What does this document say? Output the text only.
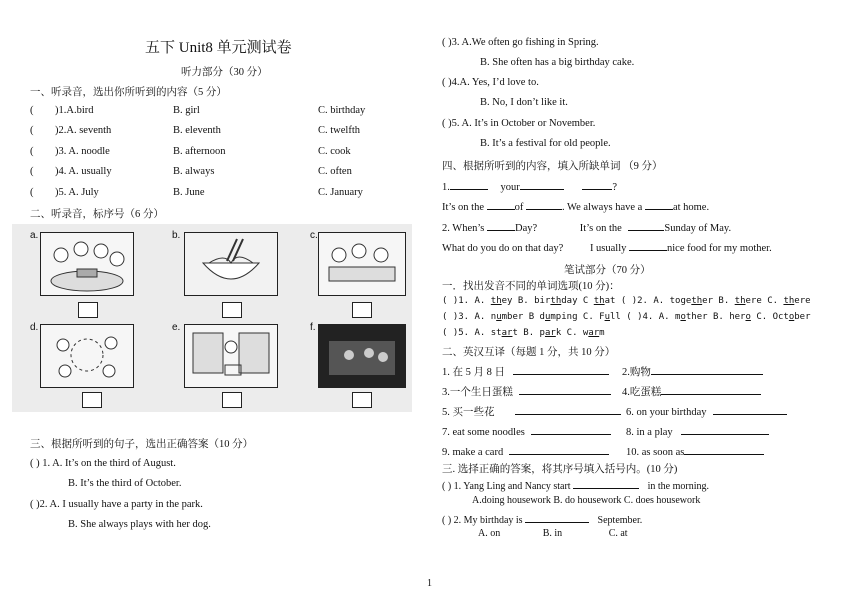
五下 Unit8 单元测试卷
听力部分（30 分）
一、听录音，选出你所听到的内容（5 分）
( )1.A.bird	B. girl	C. birthday
( )2.A. seventh	B. eleventh	C. twelfth
( )3. A. noodle	B. afternoon	C. cook
( )4. A. usually	B. always	C. often
( )5. A. July	B. June	C. January
二、听录音，标序号（6 分）
a.	b.	c.
d.	e.	f.
三、根据所听到的句子，选出正确答案（10 分）
( ) 1. A. It’s on the third of August.
B. It’s the third of October.
( )2. A. I usually have a party in the park.
B. She always plays with her dog.
( )3. A.We often go fishing in Spring.
B. She often has a big birthday cake.
( )4.A. Yes, I’d love to.
B. No, I don’t like it.
( )5. A. It’s in October or November.
B. It’s a festival for old people.
四、根据所听到的内容，填入所缺单词 （9 分）
1.	your	?
It’s on the	of	. We always have a	at home.
2. When’s	Day?	It’s on the	Sunday of May.
What do you do on that day?	I usually	nice food for my mother.
笔试部分（70 分）
一．找出发音不同的单词选项(10 分)：
( )1. A. they B. birthday C that ( )2. A. together B. there C. there
( )3. A. number B dumping C. Full ( )4. A. mother B. hero C. October
( )5. A. start B. park C. warm
二、英汉互译（每题 1 分，共 10 分）
1. 在 5 月 8 日	2.购物
3.一个生日蛋糕	4.吃蛋糕
5. 买一些花	6. on your birthday
7. eat some noodles	8. in a play
9. make a card	10. as soon as
三. 选择正确的答案，将其序号填入括号内。(10 分)
( ) 1. Yang Ling and Nancy start	in the morning.
A.doing housework B. do housework C. does housework
( ) 2. My birthday is	September.
A. on	B. in	C. at
1
